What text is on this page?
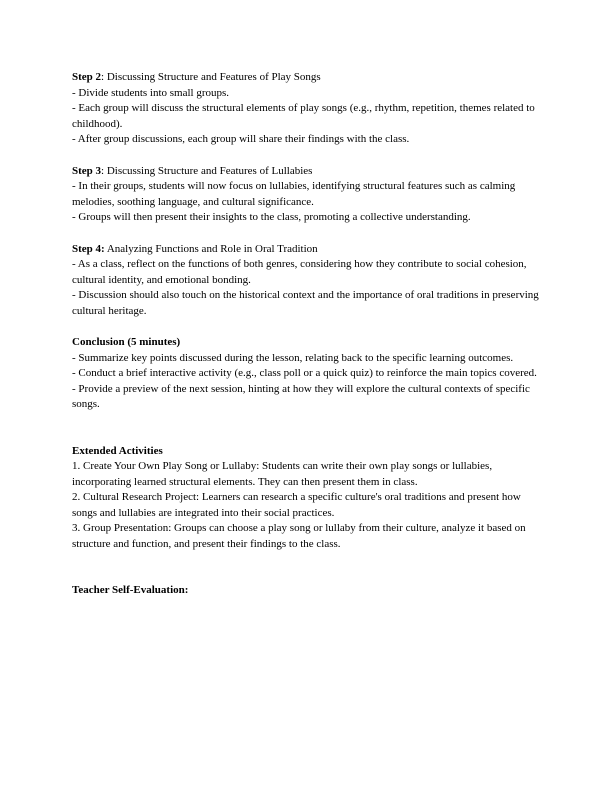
Step 2: Discussing Structure and Features of Play Songs

- Divide students into small groups.

- Each group will discuss the structural elements of play songs (e.g., rhythm, repetition, themes related to childhood).

- After group discussions, each group will share their findings with the class.

Step 3: Discussing Structure and Features of Lullabies

- In their groups, students will now focus on lullabies, identifying structural features such as calming melodies, soothing language, and cultural significance.

- Groups will then present their insights to the class, promoting a collective understanding.

Step 4: Analyzing Functions and Role in Oral Tradition

- As a class, reflect on the functions of both genres, considering how they contribute to social cohesion, cultural identity, and emotional bonding.

- Discussion should also touch on the historical context and the importance of oral traditions in preserving cultural heritage.

Conclusion (5 minutes)

- Summarize key points discussed during the lesson, relating back to the specific learning outcomes.

- Conduct a brief interactive activity (e.g., class poll or a quick quiz) to reinforce the main topics covered.

- Provide a preview of the next session, hinting at how they will explore the cultural contexts of specific songs.

Extended Activities

1. Create Your Own Play Song or Lullaby: Students can write their own play songs or lullabies, incorporating learned structural elements. They can then present them in class.

2. Cultural Research Project: Learners can research a specific culture's oral traditions and present how songs and lullabies are integrated into their social practices.

3. Group Presentation: Groups can choose a play song or lullaby from their culture, analyze it based on structure and function, and present their findings to the class.

Teacher Self-Evaluation:
